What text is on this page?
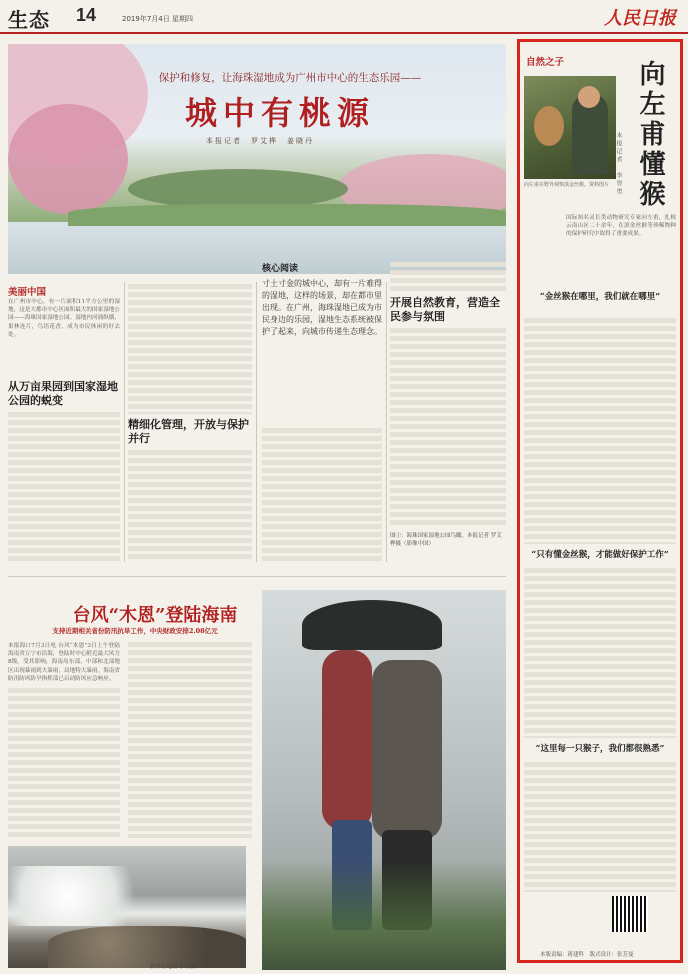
生态 14	2019年7月4日 星期四	人民日报
保护和修复，让海珠湿地成为广州市中心的生态乐园——
城中有桃源
本报记者　罗艾桦　姜晓丹
美丽中国
在广州市中心，有一片面积11平方公里的湿地，这是大都市中心区面积最大的国家湿地公园——海珠国家湿地公园。湿地内河涌纵横，果林连片，鸟语花香，成为市民休闲的好去处。
从万亩果园到国家湿地公园的蜕变
精细化管理，开放与保护并行
核心阅读
寸土寸金的城中心，却有一片难得的湿地，这样的场景，却在都市里出现。在广州，海珠湿地已成为市民身边的乐园，湿地生态系统被保护了起来，向城市传递生态理念。
开展自然教育，营造全民参与氛围
图①：海珠国家湿地公园鸟瞰。本报记者 罗艾桦摄（影像中国）
台风“木恩”登陆海南
支持近期相关省份防汛抗旱工作，中央财政安排2.08亿元
本报海口7月3日电 台风“木恩”3日上午登陆海南省万宁市沿海，登陆时中心附近最大风力8级。受其影响，海南岛东部、中部和北部地区出现暴雨到大暴雨，局地特大暴雨。海南省防汛防风防旱指挥部已启动防风应急响应。
新华社记者 郭程摄
自然之子
向左甫在野外观察滇金丝猴。资料图片 向左甫懂猴
本报记者　李智勇
国际知名灵长类动物研究专家向左甫，扎根云南山区二十余年，在滇金丝猴等珍稀物种的保护研究中取得了重要成果。
“金丝猴在哪里，我们就在哪里”
“只有懂金丝猴，才能做好保护工作”
“这里每一只猴子，我们都很熟悉”
本版责编：蒋建科　版式设计：张芳曼
